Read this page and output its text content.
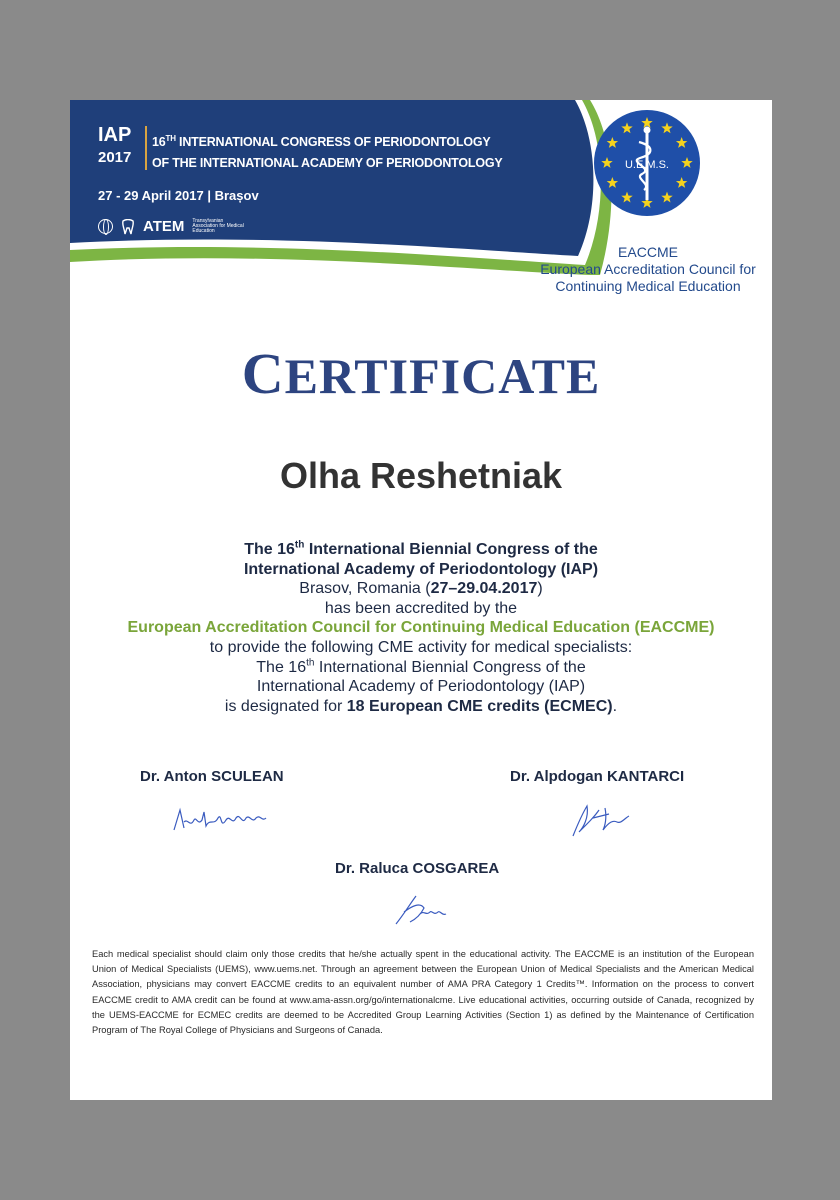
IAP
2017
16TH INTERNATIONAL CONGRESS OF PERIODONTOLOGY
OF THE INTERNATIONAL ACADEMY OF PERIODONTOLOGY
27 - 29 April 2017 | Brașov
ATEM Transylvanian Association for Medical Education
U.E.M.S.
EACCME
European Accreditation Council for
Continuing Medical Education
CERTIFICATE
Olha Reshetniak
The 16th International Biennial Congress of the
International Academy of Periodontology (IAP)
Brasov, Romania (27–29.04.2017)
has been accredited by the
European Accreditation Council for Continuing Medical Education (EACCME)
to provide the following CME activity for medical specialists:
The 16th International Biennial Congress of the
International Academy of Periodontology (IAP)
is designated for 18 European CME credits (ECMEC).
Dr. Anton SCULEAN	Dr. Alpdogan KANTARCI
Dr. Raluca COSGAREA
Each medical specialist should claim only those credits that he/she actually spent in the educational activity. The EACCME is an institution of the European Union of Medical Specialists (UEMS), www.uems.net. Through an agreement between the European Union of Medical Specialists and the American Medical Association, physicians may convert EACCME credits to an equivalent number of AMA PRA Category 1 Credits™. Information on the process to convert EACCME credit to AMA credit can be found at www.ama-assn.org/go/internationalcme. Live educational activities, occurring outside of Canada, recognized by the UEMS-EACCME for ECMEC credits are deemed to be Accredited Group Learning Activities (Section 1) as defined by the Maintenance of Certification Program of The Royal College of Physicians and Surgeons of Canada.
